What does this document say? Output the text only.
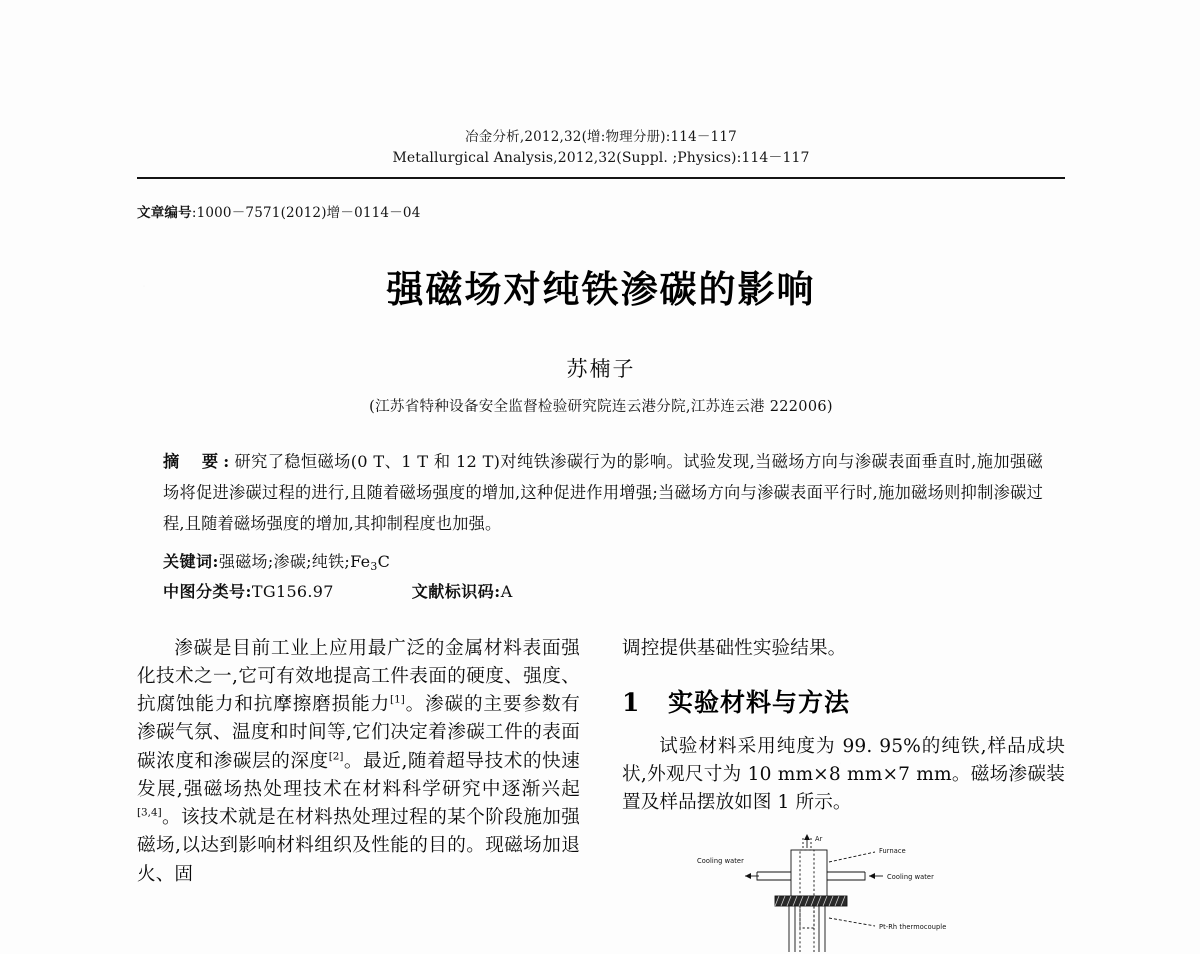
冶金分析,2012,32(增:物理分册):114－117
Metallurgical Analysis,2012,32(Suppl. ;Physics):114－117
文章编号:1000－7571(2012)增－0114－04
强磁场对纯铁渗碳的影响
苏楠子
(江苏省特种设备安全监督检验研究院连云港分院,江苏连云港 222006)
摘　要 : 研究了稳恒磁场(0 T、1 T 和 12 T)对纯铁渗碳行为的影响。试验发现,当磁场方向与渗碳表面垂直时,施加强磁场将促进渗碳过程的进行,且随着磁场强度的增加,这种促进作用增强;当磁场方向与渗碳表面平行时,施加磁场则抑制渗碳过程,且随着磁场强度的增加,其抑制程度也加强。
关键词:强磁场;渗碳;纯铁$;Fe_3C$
中图分类号:TG156.97	文献标识码:A
渗碳是目前工业上应用最广泛的金属材料表面强化技术之一,它可有效地提高工件表面的硬度、强度、抗腐蚀能力和抗摩擦磨损能力[1]。渗碳的主要参数有渗碳气氛、温度和时间等,它们决定着渗碳工件的表面碳浓度和渗碳层的深度[2]。最近,随着超导技术的快速发展,强磁场热处理技术在材料科学研究中逐渐兴起[3,4]。该技术就是在材料热处理过程的某个阶段施加强磁场,以达到影响材料组织及性能的目的。现磁场加退火、固
调控提供基础性实验结果。
1	实验材料与方法
试验材料采用纯度为 99. 95%的纯铁,样品成块状,外观尺寸为 10 mm×8 mm×7 mm。磁场渗碳装置及样品摆放如图 1 所示。
Ar
Cooling water
Furnace
Cooling water
Pt-Rh thermocouple
